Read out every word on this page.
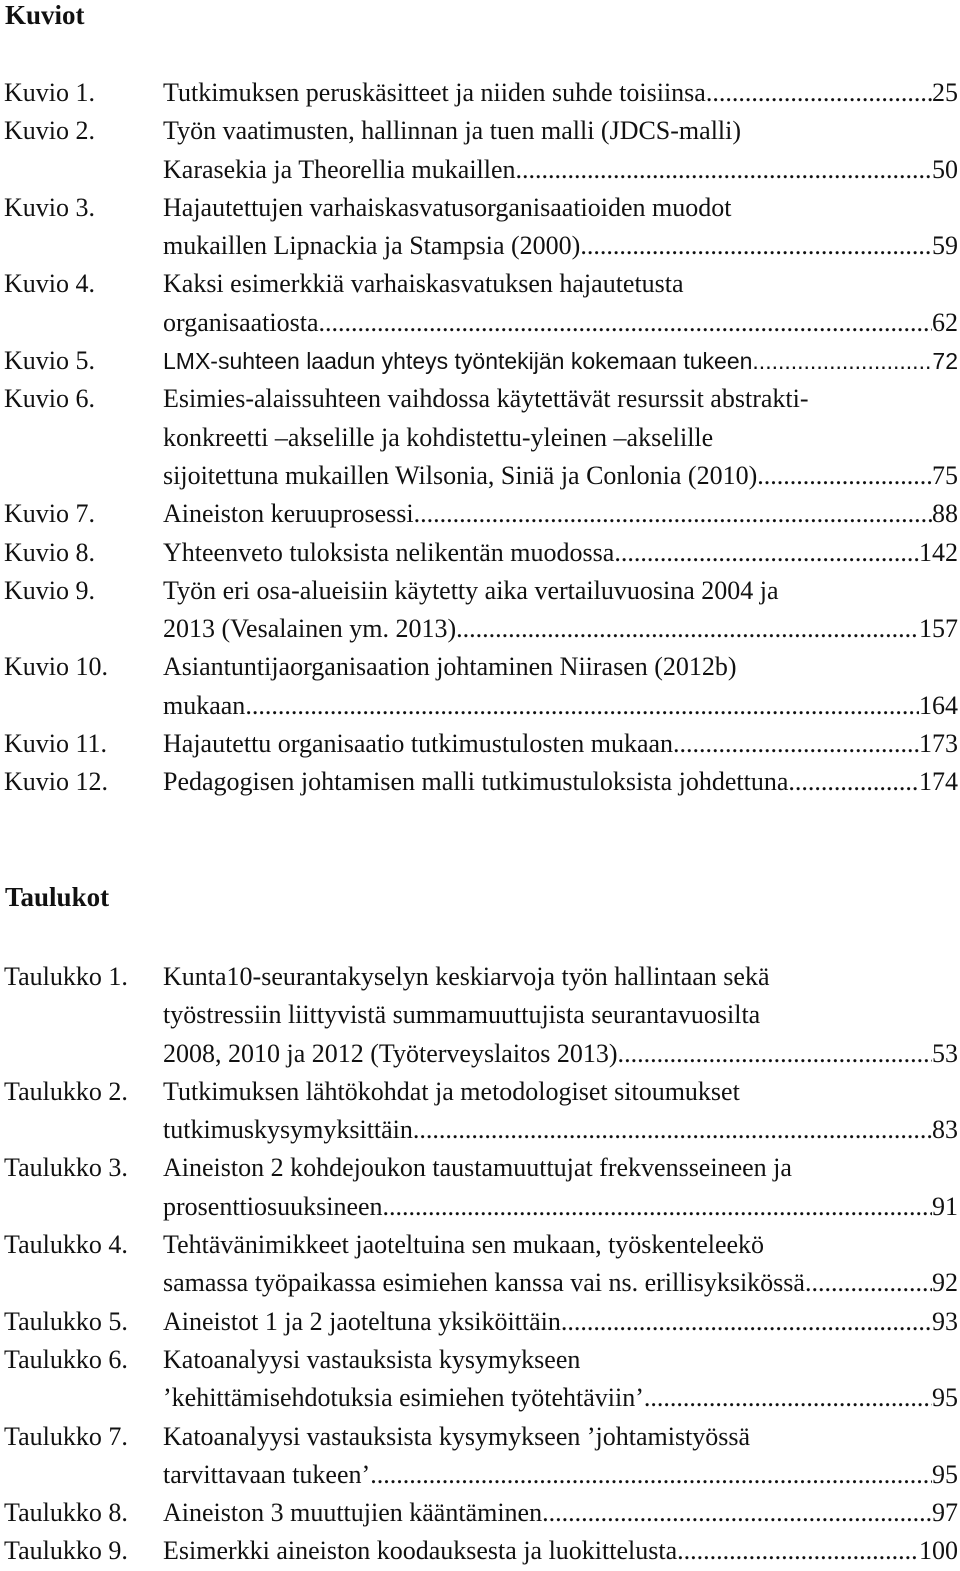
Kuviot
Kuvio 1.	Tutkimuksen peruskäsitteet ja niiden suhde toisiinsa .....	25
Kuvio 2.	Työn vaatimusten, hallinnan ja tuen malli (JDCS-malli)
Karasekia ja Theorellia mukaillen .....	50
Kuvio 3.	Hajautettujen varhaiskasvatusorganisaatioiden muodot
mukaillen Lipnackia ja Stampsia (2000) .....	59
Kuvio 4.	Kaksi esimerkkiä varhaiskasvatuksen hajautetusta
organisaatiosta .....	62
Kuvio 5.	LMX-suhteen laadun yhteys työntekijän kokemaan tukeen .....	72
Kuvio 6.	Esimies-alaissuhteen vaihdossa käytettävät resurssit abstrakti-
konkreetti –akselille ja kohdistettu-yleinen –akselille
sijoitettuna mukaillen Wilsonia, Siniä ja Conlonia (2010) .....	75
Kuvio 7.	Aineiston keruuprosessi .....	88
Kuvio 8.	Yhteenveto tuloksista nelikentän muodossa .....	142
Kuvio 9.	Työn eri osa-alueisiin käytetty aika vertailuvuosina 2004 ja
2013 (Vesalainen ym. 2013) .....	157
Kuvio 10. Asiantuntijaorganisaation johtaminen Niirasen (2012b)
mukaan .....	164
Kuvio 11. Hajautettu organisaatio tutkimustulosten mukaan .....	173
Kuvio 12. Pedagogisen johtamisen malli tutkimustuloksista johdettuna .....	174
Taulukot
Taulukko 1. Kunta10-seurantakyselyn keskiarvoja työn hallintaan sekä
työstressiin liittyvistä summamuuttujista seurantavuosilta
2008, 2010 ja 2012 (Työterveyslaitos 2013). .....	53
Taulukko 2. Tutkimuksen lähtökohdat ja metodologiset sitoumukset
tutkimuskysymyksittäin .....	83
Taulukko 3. Aineiston 2 kohdejoukon taustamuuttujat frekvensseineen ja
prosenttiosuuksineen. .....	91
Taulukko 4. Tehtävänimikkeet jaoteltuina sen mukaan, työskenteleekö
samassa työpaikassa esimiehen kanssa vai ns. erillisyksikössä .....	92
Taulukko 5. Aineistot 1 ja 2 jaoteltuna yksiköittäin .....	93
Taulukko 6. Katoanalyysi vastauksista kysymykseen
’kehittämisehdotuksia esimiehen työtehtäviin’ .....	95
Taulukko 7. Katoanalyysi vastauksista kysymykseen ’johtamistyössä
tarvittavaan tukeen’ .....	95
Taulukko 8. Aineiston 3 muuttujien kääntäminen .....	97
Taulukko 9. Esimerkki aineiston koodauksesta ja luokittelusta .....	100
